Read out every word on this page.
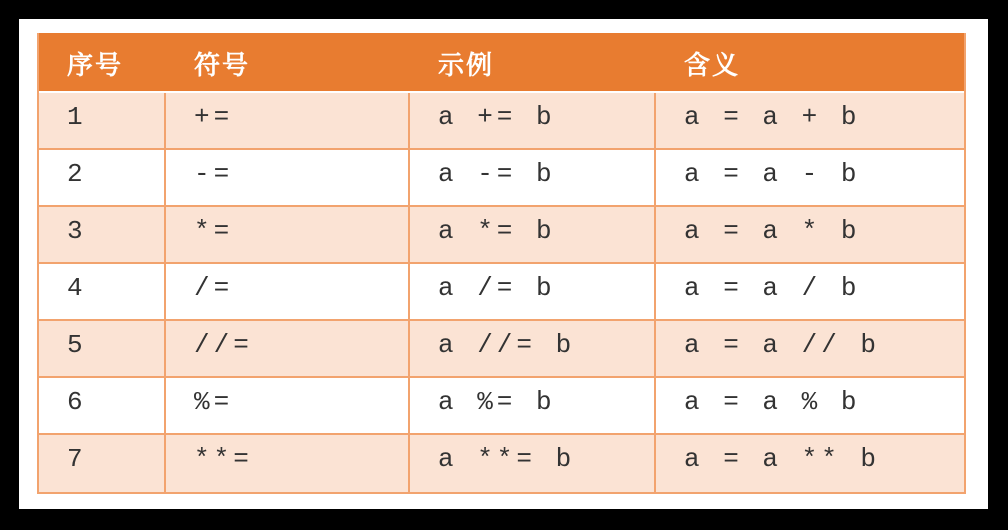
序号	符号	示例	含义
1	+=	a += b	a = a + b
2	-=	a -= b	a = a - b
3	*=	a *= b	a = a * b
4	/=	a /= b	a = a / b
5	//=	a //= b	a = a // b
6	%=	a %= b	a = a % b
7	**=	a **= b	a = a ** b
